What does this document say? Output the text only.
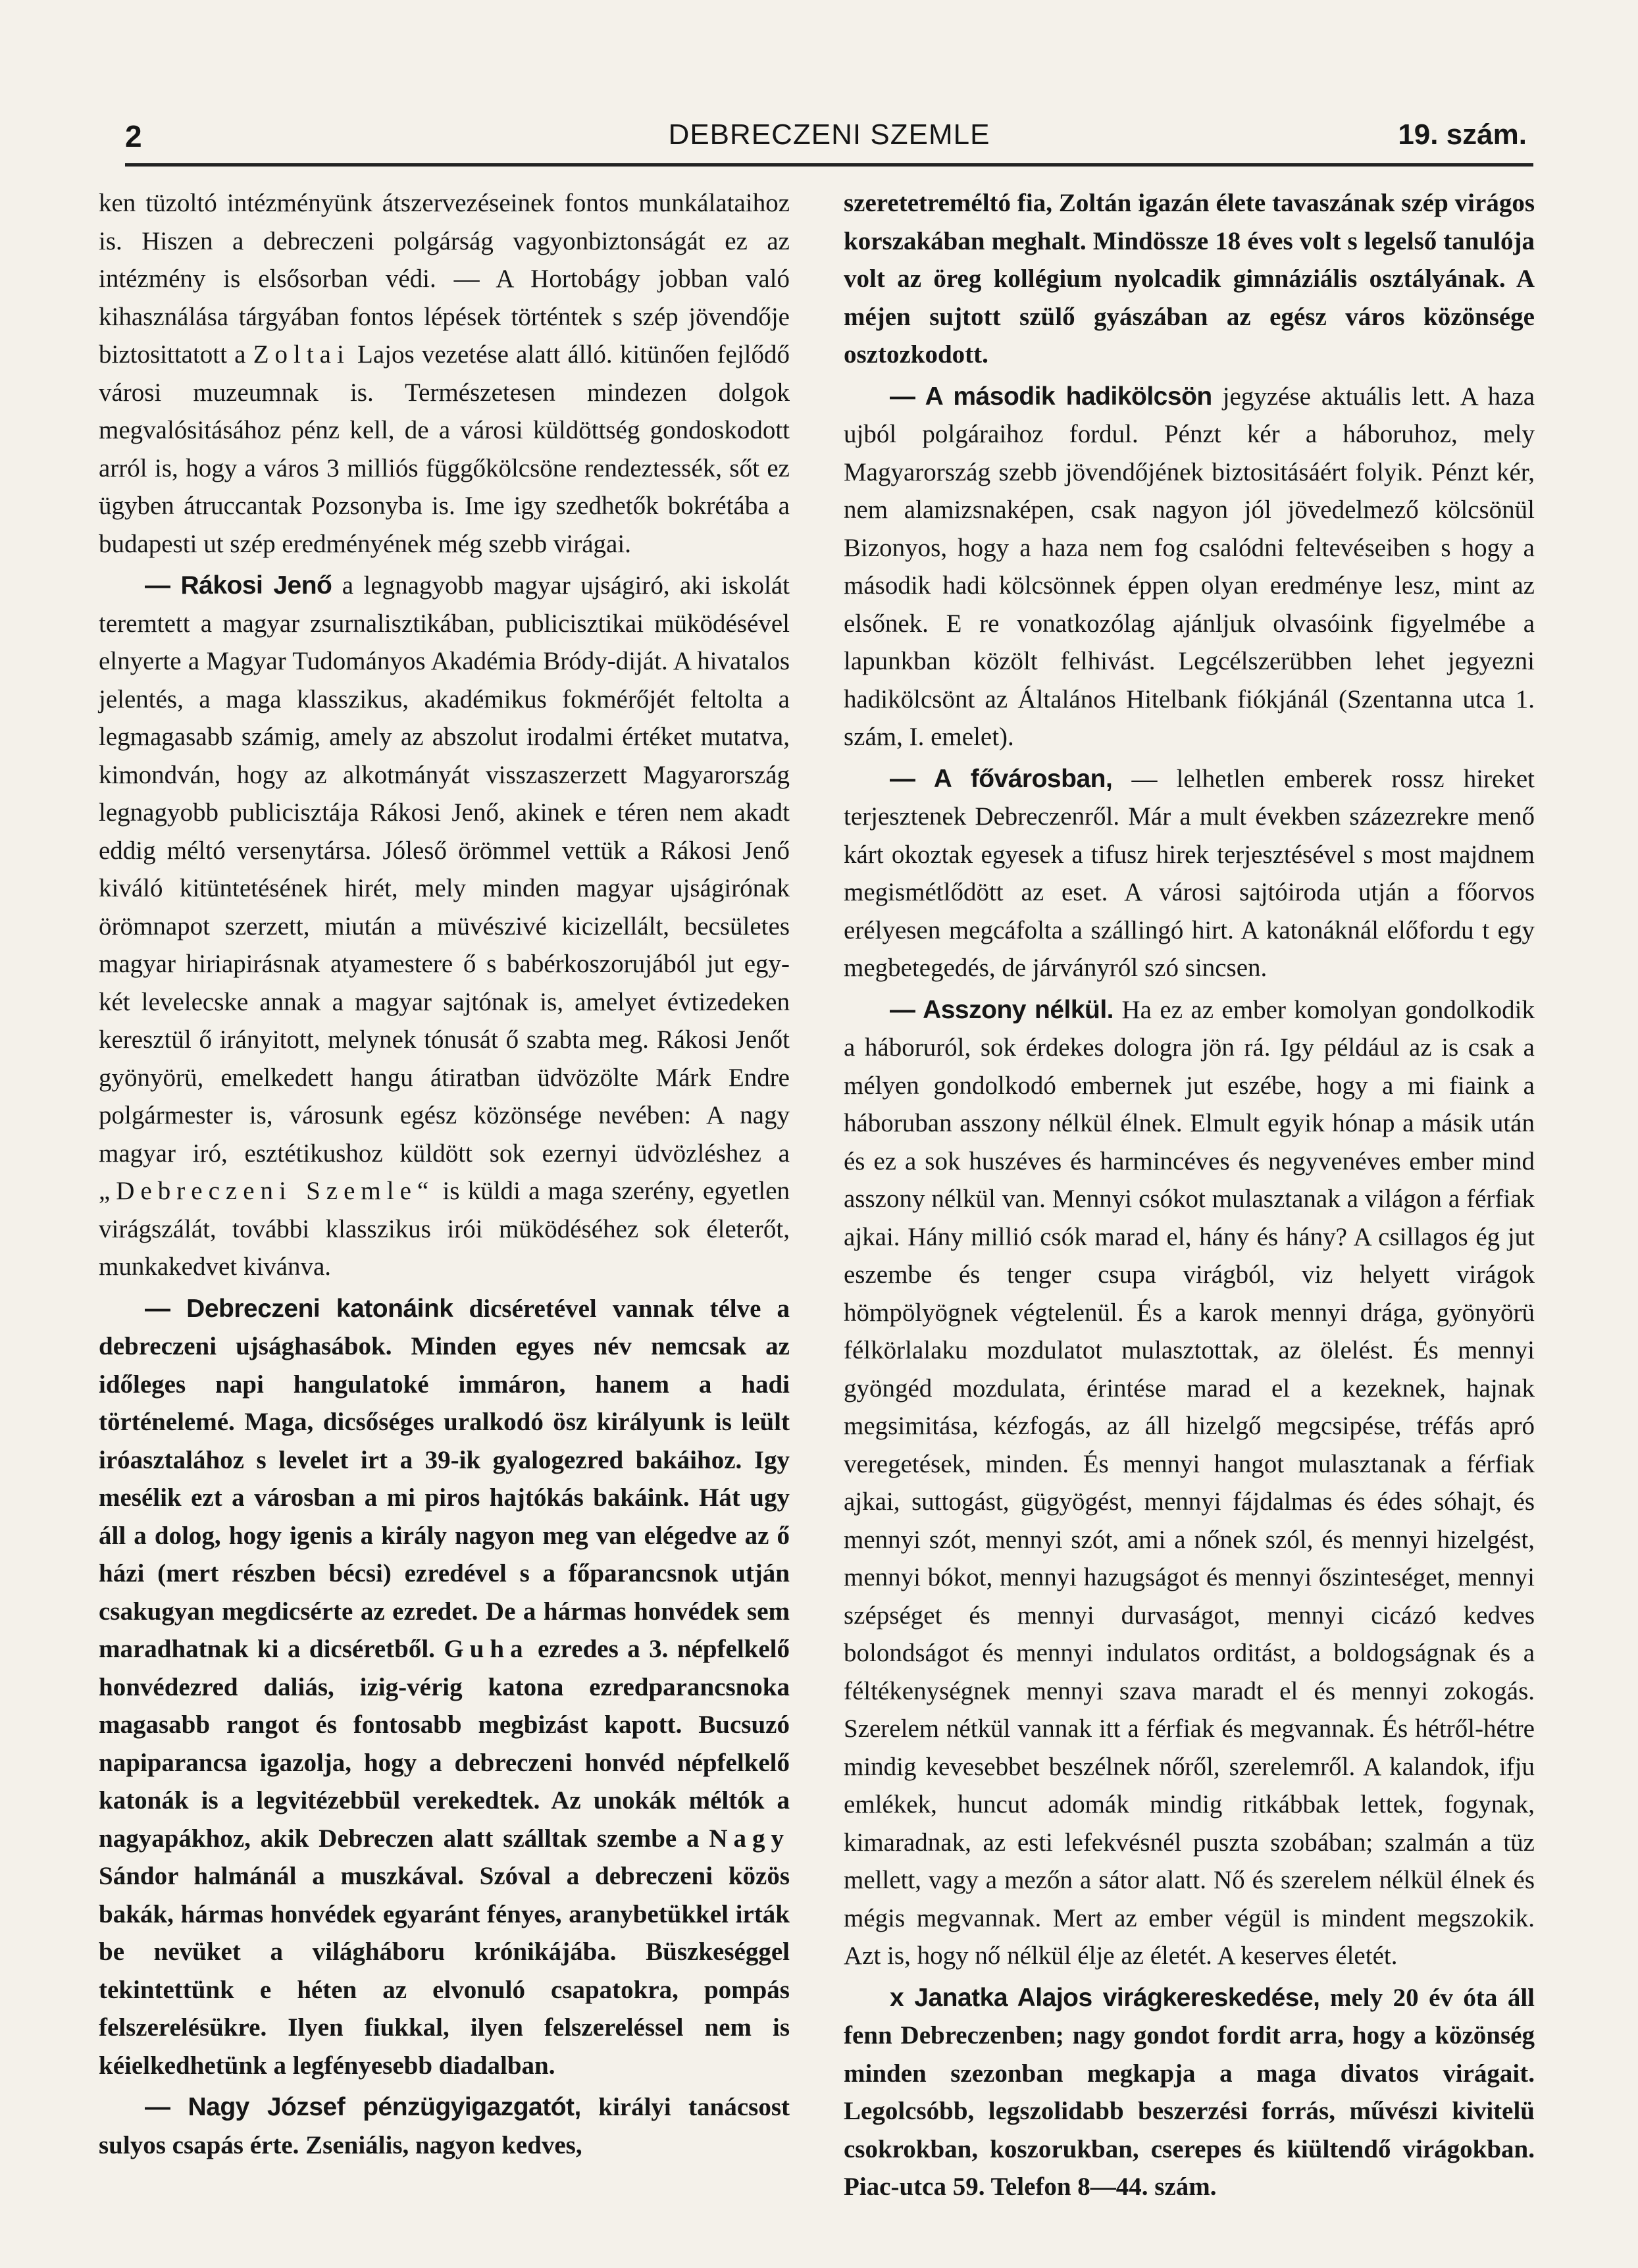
2	DEBRECZENI SZEMLE	19. szám.

ken tüzoltó intézményünk átszervezéseinek fontos munkálataihoz is. Hiszen a debreczeni polgárság vagyonbiztonságát ez az intézmény is elsősorban védi. — A Hortobágy jobban való kihasználása tárgyában fontos lépések történtek s szép jövendője biztosittatott a Zoltai Lajos vezetése alatt álló. kitünően fejlődő városi muzeumnak is. Természetesen mindezen dolgok megvalósitásához pénz kell, de a városi küldöttség gondoskodott arról is, hogy a város 3 milliós függőkölcsöne rendeztessék, sőt ez ügyben átruccantak Pozsonyba is. Ime igy szedhetők bokrétába a budapesti ut szép eredményének még szebb virágai.

— Rákosi Jenő a legnagyobb magyar ujságiró, aki iskolát teremtett a magyar zsurnalisztikában, publicisztikai müködésével elnyerte a Magyar Tudományos Akadémia Bródy-diját. A hivatalos jelentés, a maga klasszikus, akadémikus fokmérőjét feltolta a legmagasabb számig, amely az abszolut irodalmi értéket mutatva, kimondván, hogy az alkotmányát visszaszerzett Magyarország legnagyobb publicisztája Rákosi Jenő, akinek e téren nem akadt eddig méltó versenytársa. Jóleső örömmel vettük a Rákosi Jenő kiváló kitüntetésének hirét, mely minden magyar ujságirónak örömnapot szerzett, miután a müvészivé kicizellált, becsületes magyar hiriapirásnak atyamestere ő s babérkoszorujából jut egy-két levelecske annak a magyar sajtónak is, amelyet évtizedeken keresztül ő irányitott, melynek tónusát ő szabta meg. Rákosi Jenőt gyönyörü, emelkedett hangu átiratban üdvözölte Márk Endre polgármester is, városunk egész közönsége nevében: A nagy magyar iró, esztétikushoz küldött sok ezernyi üdvözléshez a „Debreczeni Szemle“ is küldi a maga szerény, egyetlen virágszálát, további klasszikus irói müködéséhez sok életerőt, munkakedvet kivánva.

— Debreczeni katonáink dicséretével vannak télve a debreczeni ujsághasábok. Minden egyes név nemcsak az időleges napi hangulatoké immáron, hanem a hadi történelemé. Maga, dicsőséges uralkodó ösz királyunk is leült iróasztalához s levelet irt a 39-ik gyalogezred bakáihoz. Igy mesélik ezt a városban a mi piros hajtókás bakáink. Hát ugy áll a dolog, hogy igenis a király nagyon meg van elégedve az ő házi (mert részben bécsi) ezredével s a főparancsnok utján csakugyan megdicsérte az ezredet. De a hármas honvédek sem maradhatnak ki a dicséretből. Guha ezredes a 3. népfelkelő honvédezred daliás, izig-vérig katona ezredparancsnoka magasabb rangot és fontosabb megbizást kapott. Bucsuzó napiparancsa igazolja, hogy a debreczeni honvéd népfelkelő katonák is a legvitézebbül verekedtek. Az unokák méltók a nagyapákhoz, akik Debreczen alatt szálltak szembe a Nagy Sándor halmánál a muszkával. Szóval a debreczeni közös bakák, hármas honvédek egyaránt fényes, aranybetükkel irták be nevüket a világháboru krónikájába. Büszkeséggel tekintettünk e héten az elvonuló csapatokra, pompás felszerelésükre. Ilyen fiukkal, ilyen felszereléssel nem is kéielkedhetünk a legfényesebb diadalban.

— Nagy József pénzügyigazgatót, királyi tanácsost sulyos csapás érte. Zseniális, nagyon kedves,

szeretetreméltó fia, Zoltán igazán élete tavaszának szép virágos korszakában meghalt. Mindössze 18 éves volt s legelső tanulója volt az öreg kollégium nyolcadik gimnáziális osztályának. A méjen sujtott szülő gyászában az egész város közönsége osztozkodott.

— A második hadikölcsön jegyzése aktuális lett. A haza ujból polgáraihoz fordul. Pénzt kér a háboruhoz, mely Magyarország szebb jövendőjének biztositásáért folyik. Pénzt kér, nem alamizsnaképen, csak nagyon jól jövedelmező kölcsönül Bizonyos, hogy a haza nem fog csalódni feltevéseiben s hogy a második hadi kölcsönnek éppen olyan eredménye lesz, mint az elsőnek. E re vonatkozólag ajánljuk olvasóink figyelmébe a lapunkban közölt felhivást. Legcélszerübben lehet jegyezni hadikölcsönt az Általános Hitelbank fiókjánál (Szentanna utca 1. szám, I. emelet).

— A fővárosban, — lelhetlen emberek rossz hireket terjesztenek Debreczenről. Már a mult években százezrekre menő kárt okoztak egyesek a tifusz hirek terjesztésével s most majdnem megismétlődött az eset. A városi sajtóiroda utján a főorvos erélyesen megcáfolta a szállingó hirt. A katonáknál előfordu t egy megbetegedés, de járványról szó sincsen.

— Asszony nélkül. Ha ez az ember komolyan gondolkodik a háboruról, sok érdekes dologra jön rá. Igy például az is csak a mélyen gondolkodó embernek jut eszébe, hogy a mi fiaink a háboruban asszony nélkül élnek. Elmult egyik hónap a másik után és ez a sok huszéves és harmincéves és negyvenéves ember mind asszony nélkül van. Mennyi csókot mulasztanak a világon a férfiak ajkai. Hány millió csók marad el, hány és hány? A csillagos ég jut eszembe és tenger csupa virágból, viz helyett virágok hömpölyögnek végtelenül. És a karok mennyi drága, gyönyörü félkörlalaku mozdulatot mulasztottak, az ölelést. És mennyi gyöngéd mozdulata, érintése marad el a kezeknek, hajnak megsimitása, kézfogás, az áll hizelgő megcsipése, tréfás apró veregetések, minden. És mennyi hangot mulasztanak a férfiak ajkai, suttogást, gügyögést, mennyi fájdalmas és édes sóhajt, és mennyi szót, mennyi szót, ami a nőnek szól, és mennyi hizelgést, mennyi bókot, mennyi hazugságot és mennyi őszinteséget, mennyi szépséget és mennyi durvaságot, mennyi cicázó kedves bolondságot és mennyi indulatos orditást, a boldogságnak és a féltékenységnek mennyi szava maradt el és mennyi zokogás. Szerelem nétkül vannak itt a férfiak és megvannak. És hétről-hétre mindig kevesebbet beszélnek nőről, szerelemről. A kalandok, ifju emlékek, huncut adomák mindig ritkábbak lettek, fogynak, kimaradnak, az esti lefekvésnél puszta szobában; szalmán a tüz mellett, vagy a mezőn a sátor alatt. Nő és szerelem nélkül élnek és mégis megvannak. Mert az ember végül is mindent megszokik. Azt is, hogy nő nélkül élje az életét. A keserves életét.

x Janatka Alajos virágkereskedése, mely 20 év óta áll fenn Debreczenben; nagy gondot fordit arra, hogy a közönség minden szezonban megkapja a maga divatos virágait. Legolcsóbb, legszolidabb beszerzési forrás, művészi kivitelü csokrokban, koszorukban, cserepes és kiültendő virágokban. Piac-utca 59. Telefon 8—44. szám.
